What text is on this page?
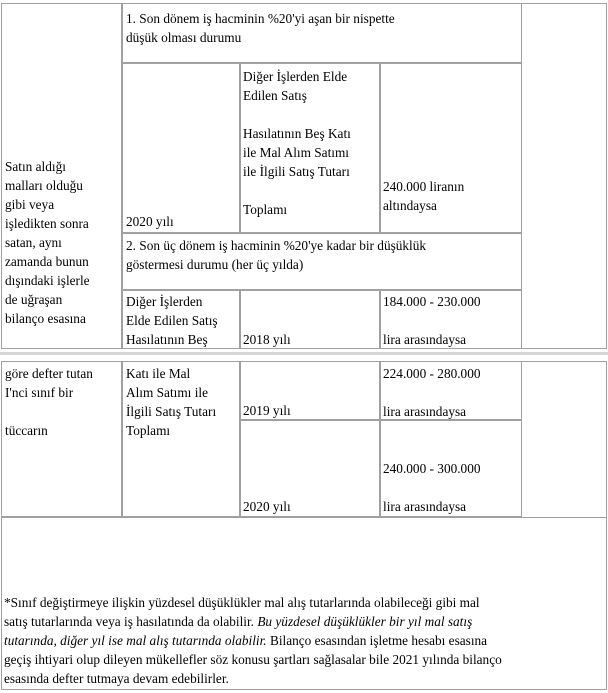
Satın aldığı
malları olduğu
gibi veya
işledikten sonra
satan, aynı
zamanda bunun
dışındaki işlerle
de uğraşan
bilanço esasına
1. Son dönem iş hacminin %20'yi aşan bir nispette
düşük olması durumu
2020 yılı
Diğer İşlerden Elde
Edilen Satış

Hasılatının Beş Katı
ile Mal Alım Satımı
ile İlgili Satış Tutarı

Toplamı
240.000 liranın
altındaysa
2. Son üç dönem iş hacminin %20'ye kadar bir düşüklük
göstermesi durumu (her üç yılda)
Diğer İşlerden
Elde Edilen Satış
Hasılatının Beş	2018 yılı
184.000 - 230.000

lira arasındaysa
göre defter tutan
I'nci sınıf bir

tüccarın
Katı ile Mal
Alım Satımı ile
İlgili Satış Tutarı
Toplamı
2019 yılı
224.000 - 280.000

lira arasındaysa
2020 yılı
240.000 - 300.000

lira arasındaysa
*Sınıf değiştirmeye ilişkin yüzdesel düşüklükler mal alış tutarlarında olabileceği gibi mal
satış tutarlarında veya iş hasılatında da olabilir. Bu yüzdesel düşüklükler bir yıl mal satış
tutarında, diğer yıl ise mal alış tutarında olabilir. Bilanço esasından işletme hesabı esasına
geçiş ihtiyari olup dileyen mükellefler söz konusu şartları sağlasalar bile 2021 yılında bilanço
esasında defter tutmaya devam edebilirler.
